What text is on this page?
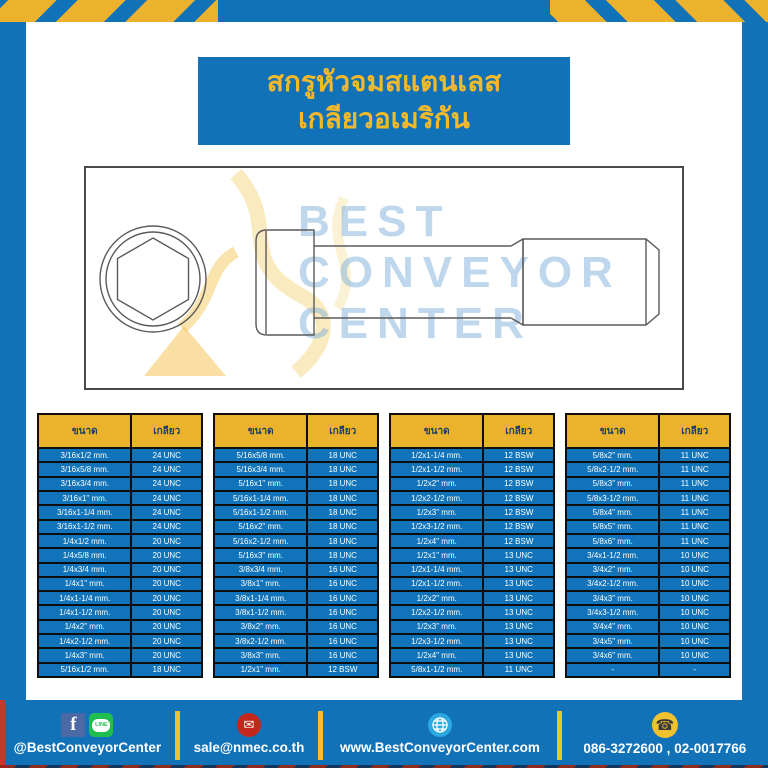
สกรูหัวจมสแตนเลส
เกลียวอเมริกัน
BEST
CONVEYOR
CENTER
ขนาด	เกลียว
3/16x1/2 mm.	24 UNC
3/16x5/8 mm.	24 UNC
3/16x3/4 mm.	24 UNC
3/16x1" mm.	24 UNC
3/16x1-1/4 mm.	24 UNC
3/16x1-1/2 mm.	24 UNC
1/4x1/2 mm.	20 UNC
1/4x5/8 mm.	20 UNC
1/4x3/4 mm.	20 UNC
1/4x1" mm.	20 UNC
1/4x1-1/4 mm.	20 UNC
1/4x1-1/2 mm.	20 UNC
1/4x2" mm.	20 UNC
1/4x2-1/2 mm.	20 UNC
1/4x3" mm.	20 UNC
5/16x1/2 mm.	18 UNC
ขนาด	เกลียว
5/16x5/8 mm.	18 UNC
5/16x3/4 mm.	18 UNC
5/16x1" mm.	18 UNC
5/16x1-1/4 mm.	18 UNC
5/16x1-1/2 mm.	18 UNC
5/16x2" mm.	18 UNC
5/16x2-1/2 mm.	18 UNC
5/16x3" mm.	18 UNC
3/8x3/4 mm.	16 UNC
3/8x1" mm.	16 UNC
3/8x1-1/4 mm.	16 UNC
3/8x1-1/2 mm.	16 UNC
3/8x2" mm.	16 UNC
3/8x2-1/2 mm.	16 UNC
3/8x3" mm.	16 UNC
1/2x1" mm.	12 BSW
ขนาด	เกลียว
1/2x1-1/4 mm.	12 BSW
1/2x1-1/2 mm.	12 BSW
1/2x2" mm.	12 BSW
1/2x2-1/2 mm.	12 BSW
1/2x3" mm.	12 BSW
1/2x3-1/2 mm.	12 BSW
1/2x4" mm.	12 BSW
1/2x1" mm.	13 UNC
1/2x1-1/4 mm.	13 UNC
1/2x1-1/2 mm.	13 UNC
1/2x2" mm.	13 UNC
1/2x2-1/2 mm.	13 UNC
1/2x3" mm.	13 UNC
1/2x3-1/2 mm.	13 UNC
1/2x4" mm.	13 UNC
5/8x1-1/2 mm.	11 UNC
ขนาด	เกลียว
5/8x2" mm.	11 UNC
5/8x2-1/2 mm.	11 UNC
5/8x3" mm.	11 UNC
5/8x3-1/2 mm.	11 UNC
5/8x4" mm.	11 UNC
5/8x5" mm.	11 UNC
5/8x6" mm.	11 UNC
3/4x1-1/2 mm.	10 UNC
3/4x2" mm.	10 UNC
3/4x2-1/2 mm.	10 UNC
3/4x3" mm.	10 UNC
3/4x3-1/2 mm.	10 UNC
3/4x4" mm.	10 UNC
3/4x5" mm.	10 UNC
3/4x6" mm.	10 UNC
-	-
f	LINE
@BestConveyorCenter
✉
sale@nmec.co.th	www.BestConveyorCenter.com
☎
086-3272600 , 02-0017766
